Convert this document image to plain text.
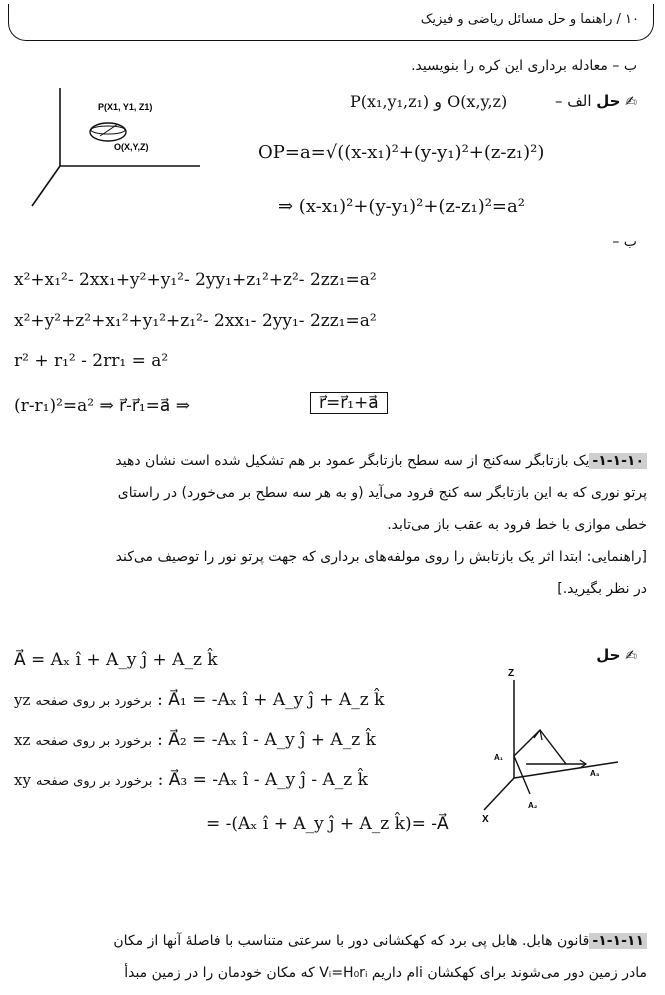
۱۰ / راهنما و حل مسائل ریاضی و فیزیک
ب – معادله برداری این کره را بنویسید.
✍ حل الف –
P(x₁,y₁,z₁) و O(x,y,z)
P(X1, Y1, Z1)
O(X,Y,Z)	OP=a=√((x-x₁)²+(y-y₁)²+(z-z₁)²)
⇒ (x-x₁)²+(y-y₁)²+(z-z₁)²=a²
ب –
x²+x₁²- 2xx₁+y²+y₁²- 2yy₁+z₁²+z²- 2zz₁=a²
x²+y²+z²+x₁²+y₁²+z₁²- 2xx₁- 2yy₁- 2zz₁=a²
r² + r₁² - 2rr₁ = a²
(r-r₁)²=a² ⇒ r⃗-r⃗₁=a⃗ ⇒	r⃗=r⃗₁+a⃗
۱-۱-۱۰-یک بازتابگر سه‌کنج از سه سطح بازتابگر عمود بر هم تشکیل شده است نشان دهید
پرتو نوری که به این بازتابگر سه کنج فرود می‌آید (و به هر سه سطح بر می‌خورد) در راستای
خطی موازی با خط فرود به عقب باز می‌تابد.
[راهنمایی: ابتدا اثر یک بازتابش را روی مولفه‌های برداری که جهت پرتو نور را توصیف می‌کند
در نظر بگیرید.]
✍ حل
A⃗ = Aₓ î + A_y ĵ + A_z k̂
yz برخورد بر روی صفحه : A⃗₁ = -Aₓ î + A_y ĵ + A_z k̂
xz برخورد بر روی صفحه : A⃗₂ = -Aₓ î - A_y ĵ + A_z k̂
xy برخورد بر روی صفحه : A⃗₃ = -Aₓ î - A_y ĵ - A_z k̂
= -(Aₓ î + A_y ĵ + A_z k̂)= -A⃗
Z
X
A₁
A₂
A₃
۱-۱-۱۱-قانون هابل. هابل پی برد که کهکشانی دور با سرعتی متناسب با فاصلهٔ آنها از مکان
مادر زمین دور می‌شوند برای کهکشان iام داریم Vᵢ=H₀rᵢ که مکان خودمان را در زمین مبدأ
